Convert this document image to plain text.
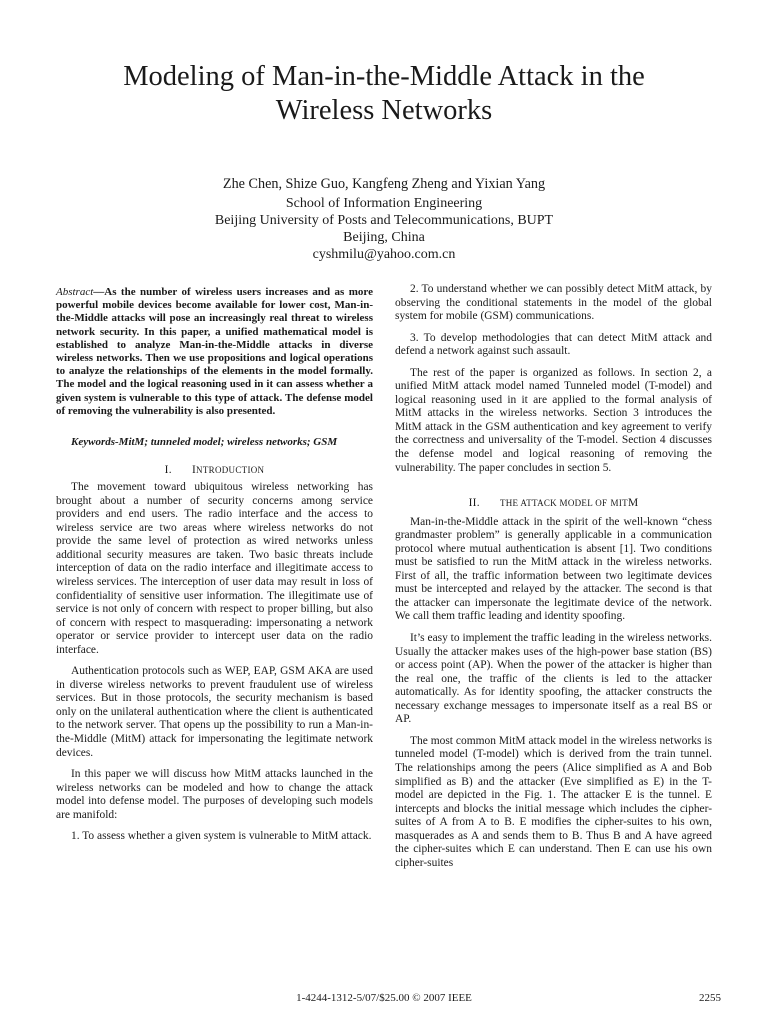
Modeling of Man-in-the-Middle Attack in the
Wireless Networks
Zhe Chen, Shize Guo, Kangfeng Zheng and Yixian Yang
School of Information Engineering
Beijing University of Posts and Telecommunications, BUPT
Beijing, China
cyshmilu@yahoo.com.cn

Abstract—As the number of wireless users increases and as more powerful mobile devices become available for lower cost, Man-in-the-Middle attacks will pose an increasingly real threat to wireless network security. In this paper, a unified mathematical model is established to analyze Man-in-the-Middle attacks in diverse wireless networks. Then we use propositions and logical operations to analyze the relationships of the elements in the model formally. The model and the logical reasoning used in it can assess whether a given system is vulnerable to this type of attack. The defense model of removing the vulnerability is also presented.

Keywords-MitM; tunneled model; wireless networks; GSM

I. INTRODUCTION

The movement toward ubiquitous wireless networking has brought about a number of security concerns among service providers and end users. The radio interface and the access to wireless service are two areas where wireless networks do not provide the same level of protection as wired networks unless additional security measures are taken. Two basic threats include interception of data on the radio interface and illegitimate access to wireless services. The interception of user data may result in loss of confidentiality of sensitive user information. The illegitimate use of service is not only of concern with respect to proper billing, but also of concern with respect to masquerading: impersonating a network operator or service provider to intercept user data on the radio interface.

Authentication protocols such as WEP, EAP, GSM AKA are used in diverse wireless networks to prevent fraudulent use of wireless services. But in those protocols, the security mechanism is based only on the unilateral authentication where the client is authenticated to the network server. That opens up the possibility to run a Man-in-the-Middle (MitM) attack for impersonating the legitimate network devices.

In this paper we will discuss how MitM attacks launched in the wireless networks can be modeled and how to change the attack model into defense model. The purposes of developing such models are manifold:

1. To assess whether a given system is vulnerable to MitM attack.

2. To understand whether we can possibly detect MitM attack, by observing the conditional statements in the model of the global system for mobile (GSM) communications.

3. To develop methodologies that can detect MitM attack and defend a network against such assault.

The rest of the paper is organized as follows. In section 2, a unified MitM attack model named Tunneled model (T-model) and logical reasoning used in it are applied to the formal analysis of MitM attacks in the wireless networks. Section 3 introduces the MitM attack in the GSM authentication and key agreement to verify the correctness and universality of the T-model. Section 4 discusses the defense model and logical reasoning of removing the vulnerability. The paper concludes in section 5.

II. THE ATTACK MODEL OF MITM

Man-in-the-Middle attack in the spirit of the well-known “chess grandmaster problem” is generally applicable in a communication protocol where mutual authentication is absent [1]. Two conditions must be satisfied to run the MitM attack in the wireless networks. First of all, the traffic information between two legitimate devices must be intercepted and relayed by the attacker. The second is that the attacker can impersonate the legitimate device of the network. We call them traffic leading and identity spoofing.

It’s easy to implement the traffic leading in the wireless networks. Usually the attacker makes uses of the high-power base station (BS) or access point (AP). When the power of the attacker is higher than the real one, the traffic of the clients is led to the attacker automatically. As for identity spoofing, the attacker constructs the necessary exchange messages to impersonate itself as a real BS or AP.

The most common MitM attack model in the wireless networks is tunneled model (T-model) which is derived from the train tunnel. The relationships among the peers (Alice simplified as A and Bob simplified as B) and the attacker (Eve simplified as E) in the T-model are depicted in the Fig. 1. The attacker E is the tunnel. E intercepts and blocks the initial message which includes the cipher-suites of A from A to B. E modifies the cipher-suites to his own, masquerades as A and sends them to B. Thus B and A have agreed the cipher-suites which E can understand. Then E can use his own cipher-suites

1-4244-1312-5/07/$25.00 © 2007 IEEE	2255
